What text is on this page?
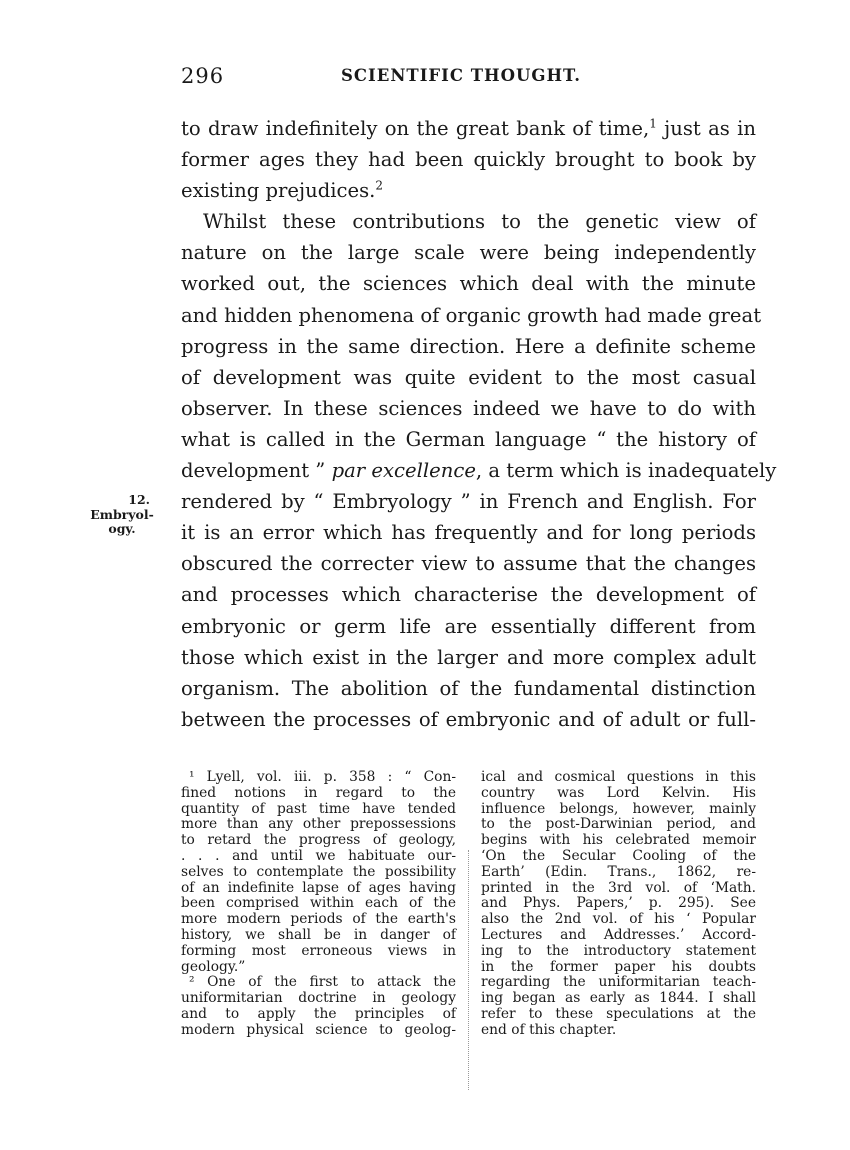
296	SCIENTIFIC THOUGHT.
to draw indefinitely on the great bank of time,$^1$ just as in
former ages they had been quickly brought to book by
existing prejudices.$^2$
Whilst these contributions to the genetic view of
nature on the large scale were being independently
worked out, the sciences which deal with the minute
and hidden phenomena of organic growth had made great
progress in the same direction. Here a definite scheme
of development was quite evident to the most casual
observer. In these sciences indeed we have to do with
what is called in the German language “ the history of
development ” par excellence, a term which is inadequately
rendered by “ Embryology ” in French and English. For
it is an error which has frequently and for long periods
obscured the correcter view to assume that the changes
and processes which characterise the development of
embryonic or germ life are essentially different from
those which exist in the larger and more complex adult
organism. The abolition of the fundamental distinction
between the processes of embryonic and of adult or full-
12.
Embryol-
ogy.
¹ Lyell, vol. iii. p. 358 : “ Con-
fined notions in regard to the
quantity of past time have tended
more than any other prepossessions
to retard the progress of geology,
. . . and until we habituate our-
selves to contemplate the possibility
of an indefinite lapse of ages having
been comprised within each of the
more modern periods of the earth's
history, we shall be in danger of
forming most erroneous views in
geology.”
² One of the first to attack the
uniformitarian doctrine in geology
and to apply the principles of
modern physical science to geolog-
ical and cosmical questions in this
country was Lord Kelvin. His
influence belongs, however, mainly
to the post-Darwinian period, and
begins with his celebrated memoir
‘On the Secular Cooling of the
Earth’ (Edin. Trans., 1862, re-
printed in the 3rd vol. of ‘Math.
and Phys. Papers,’ p. 295). See
also the 2nd vol. of his ‘ Popular
Lectures and Addresses.’ Accord-
ing to the introductory statement
in the former paper his doubts
regarding the uniformitarian teach-
ing began as early as 1844. I shall
refer to these speculations at the
end of this chapter.
